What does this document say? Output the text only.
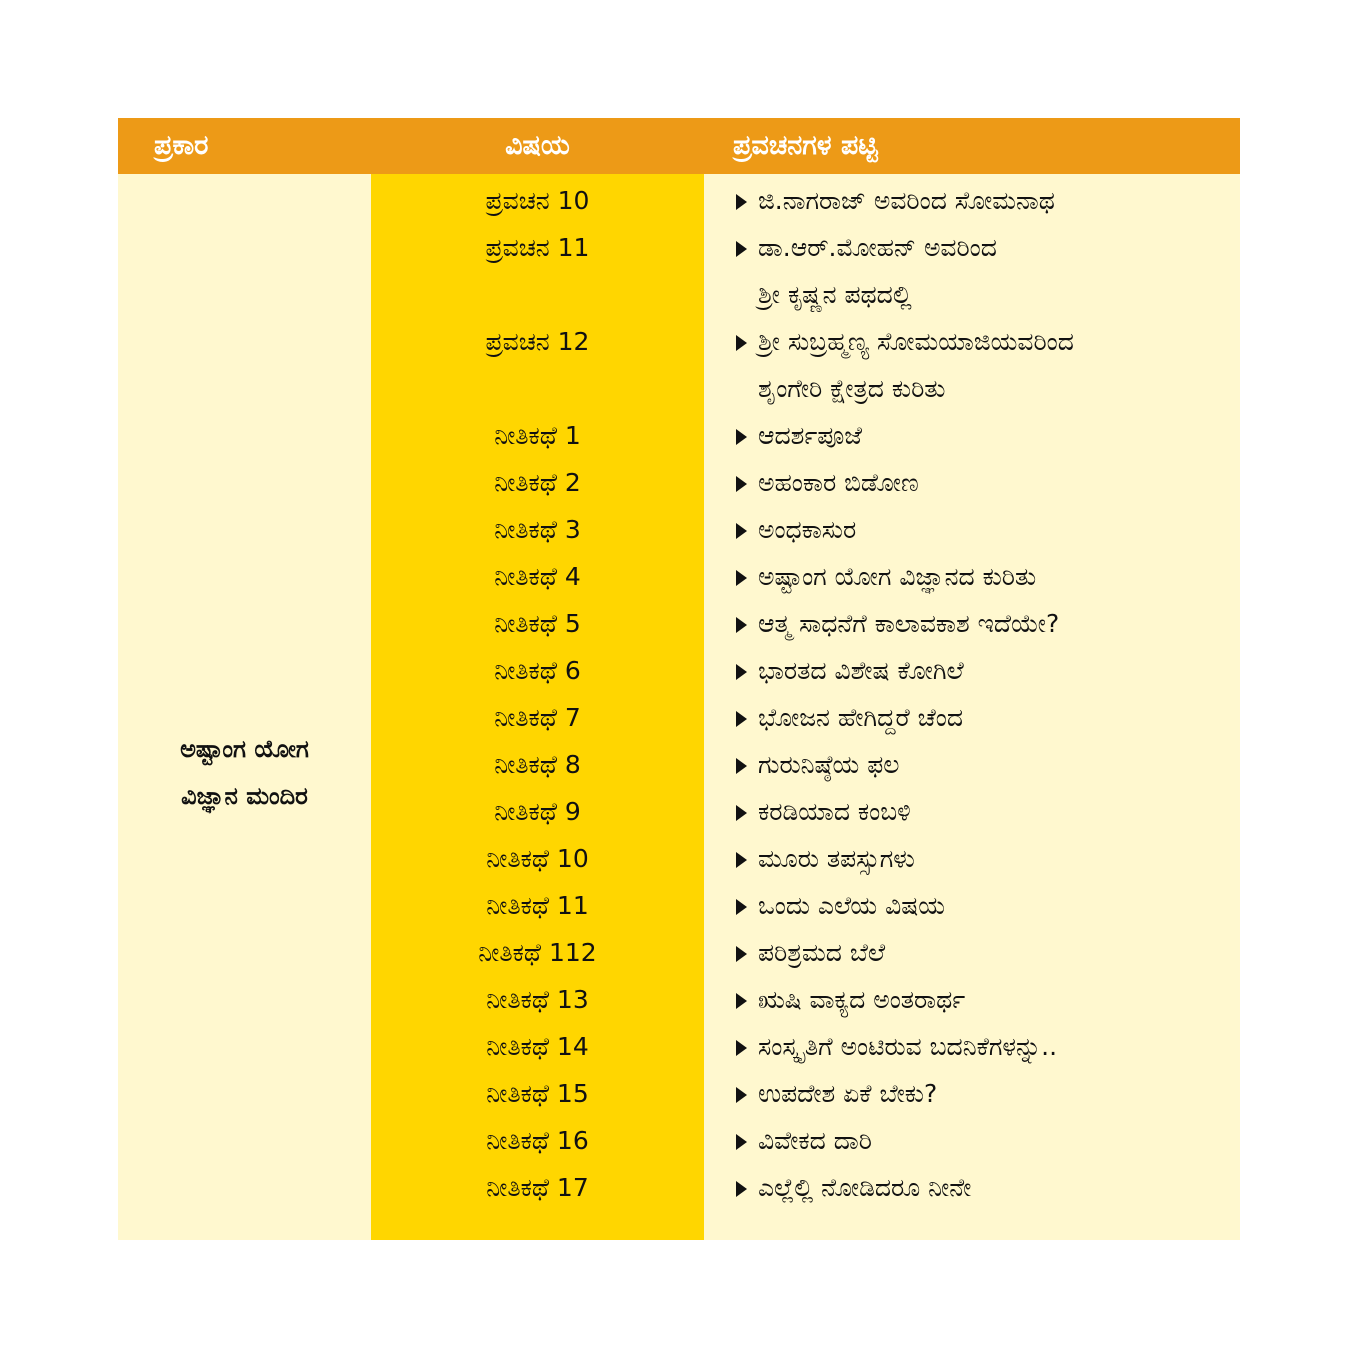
ಪ್ರಕಾರ	ವಿಷಯ	ಪ್ರವಚನಗಳ ಪಟ್ಟಿ
ಅಷ್ಟಾಂಗ ಯೋಗ
ವಿಜ್ಞಾನ ಮಂದಿರ
ಪ್ರವಚನ 10
ಪ್ರವಚನ 11
ಪ್ರವಚನ 12
ನೀತಿಕಥೆ 1
ನೀತಿಕಥೆ 2
ನೀತಿಕಥೆ 3
ನೀತಿಕಥೆ 4
ನೀತಿಕಥೆ 5
ನೀತಿಕಥೆ 6
ನೀತಿಕಥೆ 7
ನೀತಿಕಥೆ 8
ನೀತಿಕಥೆ 9
ನೀತಿಕಥೆ 10
ನೀತಿಕಥೆ 11
ನೀತಿಕಥೆ 112
ನೀತಿಕಥೆ 13
ನೀತಿಕಥೆ 14
ನೀತಿಕಥೆ 15
ನೀತಿಕಥೆ 16
ನೀತಿಕಥೆ 17
ಜಿ.ನಾಗರಾಜ್ ಅವರಿಂದ ಸೋಮನಾಥ
ಡಾ.ಆರ್.ಮೋಹನ್ ಅವರಿಂದ
ಶ್ರೀ ಕೃಷ್ಣನ ಪಥದಲ್ಲಿ
ಶ್ರೀ ಸುಬ್ರಹ್ಮಣ್ಯ ಸೋಮಯಾಜಿಯವರಿಂದ
ಶೃಂಗೇರಿ ಕ್ಷೇತ್ರದ ಕುರಿತು
ಆದರ್ಶಪೂಜೆ
ಅಹಂಕಾರ ಬಿಡೋಣ
ಅಂಧಕಾಸುರ
ಅಷ್ಟಾಂಗ ಯೋಗ ವಿಜ್ಞಾನದ ಕುರಿತು
ಆತ್ಮ ಸಾಧನೆಗೆ ಕಾಲಾವಕಾಶ ಇದೆಯೇ?
ಭಾರತದ ವಿಶೇಷ ಕೋಗಿಲೆ
ಭೋಜನ ಹೇಗಿದ್ದರೆ ಚೆಂದ
ಗುರುನಿಷ್ಠೆಯ ಫಲ
ಕರಡಿಯಾದ ಕಂಬಳಿ
ಮೂರು ತಪಸ್ಸುಗಳು
ಒಂದು ಎಲೆಯ ವಿಷಯ
ಪರಿಶ್ರಮದ ಬೆಲೆ
ಋಷಿ ವಾಕ್ಯದ ಅಂತರಾರ್ಥ
ಸಂಸ್ಕೃತಿಗೆ ಅಂಟಿರುವ ಬದನಿಕೆಗಳನ್ನು..
ಉಪದೇಶ ಏಕೆ ಬೇಕು?
ವಿವೇಕದ ದಾರಿ
ಎಲ್ಲೆಲ್ಲಿ ನೋಡಿದರೂ ನೀನೇ
